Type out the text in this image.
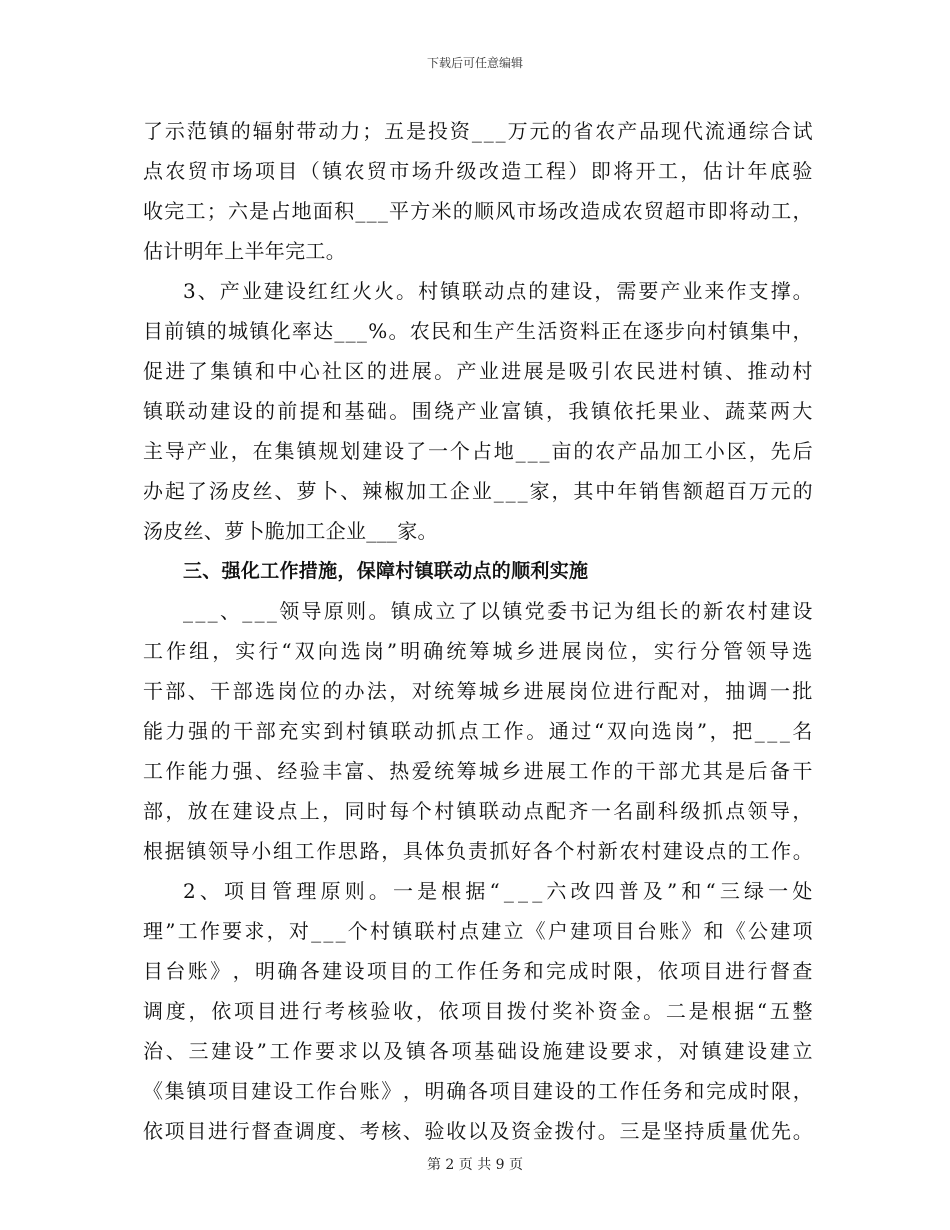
下载后可任意编辑
了 示 范 镇 的 辐 射 带 动 力 ； 五 是 投 资 _ _ _ 万 元 的 省 农 产 品 现 代 流 通 综 合 试
点 农 贸 市 场 项 目 （ 镇 农 贸 市 场 升 级 改 造 工 程 ） 即 将 开 工 ， 估 计 年 底 验
收 完 工 ； 六 是 占 地 面 积 _ _ _ 平 方 米 的 顺 风 市 场 改 造 成 农 贸 超 市 即 将 动 工 ，
估计明年上半年完工。
3 、 产 业 建 设 红 红 火 火 。 村 镇 联 动 点 的 建 设 ， 需 要 产 业 来 作 支 撑 。
目 前 镇 的 城 镇 化 率 达 _ _ _ % 。 农 民 和 生 产 生 活 资 料 正 在 逐 步 向 村 镇 集 中 ，
促 进 了 集 镇 和 中 心 社 区 的 进 展 。 产 业 进 展 是 吸 引 农 民 进 村 镇 、 推 动 村
镇 联 动 建 设 的 前 提 和 基 础 。 围 绕 产 业 富 镇 ， 我 镇 依 托 果 业 、 蔬 菜 两 大
主 导 产 业 ， 在 集 镇 规 划 建 设 了 一 个 占 地 _ _ _ 亩 的 农 产 品 加 工 小 区 ， 先 后
办 起 了 汤 皮 丝 、 萝 卜 、 辣 椒 加 工 企 业 _ _ _ 家 ， 其 中 年 销 售 额 超 百 万 元 的
汤皮丝、萝卜脆加工企业___家。
三、强化工作措施，保障村镇联动点的顺利实施
_ _ _ 、 _ _ _ 领 导 原 则 。 镇 成 立 了 以 镇 党 委 书 记 为 组 长 的 新 农 村 建 设
工 作 组 ， 实 行 “ 双 向 选 岗 ” 明 确 统 筹 城 乡 进 展 岗 位 ， 实 行 分 管 领 导 选
干 部 、 干 部 选 岗 位 的 办 法 ， 对 统 筹 城 乡 进 展 岗 位 进 行 配 对 ， 抽 调 一 批
能 力 强 的 干 部 充 实 到 村 镇 联 动 抓 点 工 作 。 通 过 “ 双 向 选 岗 ” ， 把 _ _ _ 名
工 作 能 力 强 、 经 验 丰 富 、 热 爱 统 筹 城 乡 进 展 工 作 的 干 部 尤 其 是 后 备 干
部 ， 放 在 建 设 点 上 ， 同 时 每 个 村 镇 联 动 点 配 齐 一 名 副 科 级 抓 点 领 导 ，
根 据 镇 领 导 小 组 工 作 思 路 ， 具 体 负 责 抓 好 各 个 村 新 农 村 建 设 点 的 工 作 。
2 、 项 目 管 理 原 则 。 一 是 根 据 “ _ _ _ 六 改 四 普 及 ” 和 “ 三 绿 一 处
理 ” 工 作 要 求 ， 对 _ _ _ 个 村 镇 联 村 点 建 立 《 户 建 项 目 台 账 》 和 《 公 建 项
目 台 账 》 ， 明 确 各 建 设 项 目 的 工 作 任 务 和 完 成 时 限 ， 依 项 目 进 行 督 查
调 度 ， 依 项 目 进 行 考 核 验 收 ， 依 项 目 拨 付 奖 补 资 金 。 二 是 根 据 “ 五 整
治 、 三 建 设 ” 工 作 要 求 以 及 镇 各 项 基 础 设 施 建 设 要 求 ， 对 镇 建 设 建 立
《 集 镇 项 目 建 设 工 作 台 账 》 ， 明 确 各 项 目 建 设 的 工 作 任 务 和 完 成 时 限 ，
依 项 目 进 行 督 查 调 度 、 考 核 、 验 收 以 及 资 金 拨 付 。 三 是 坚 持 质 量 优 先 。
第 2 页 共 9 页
